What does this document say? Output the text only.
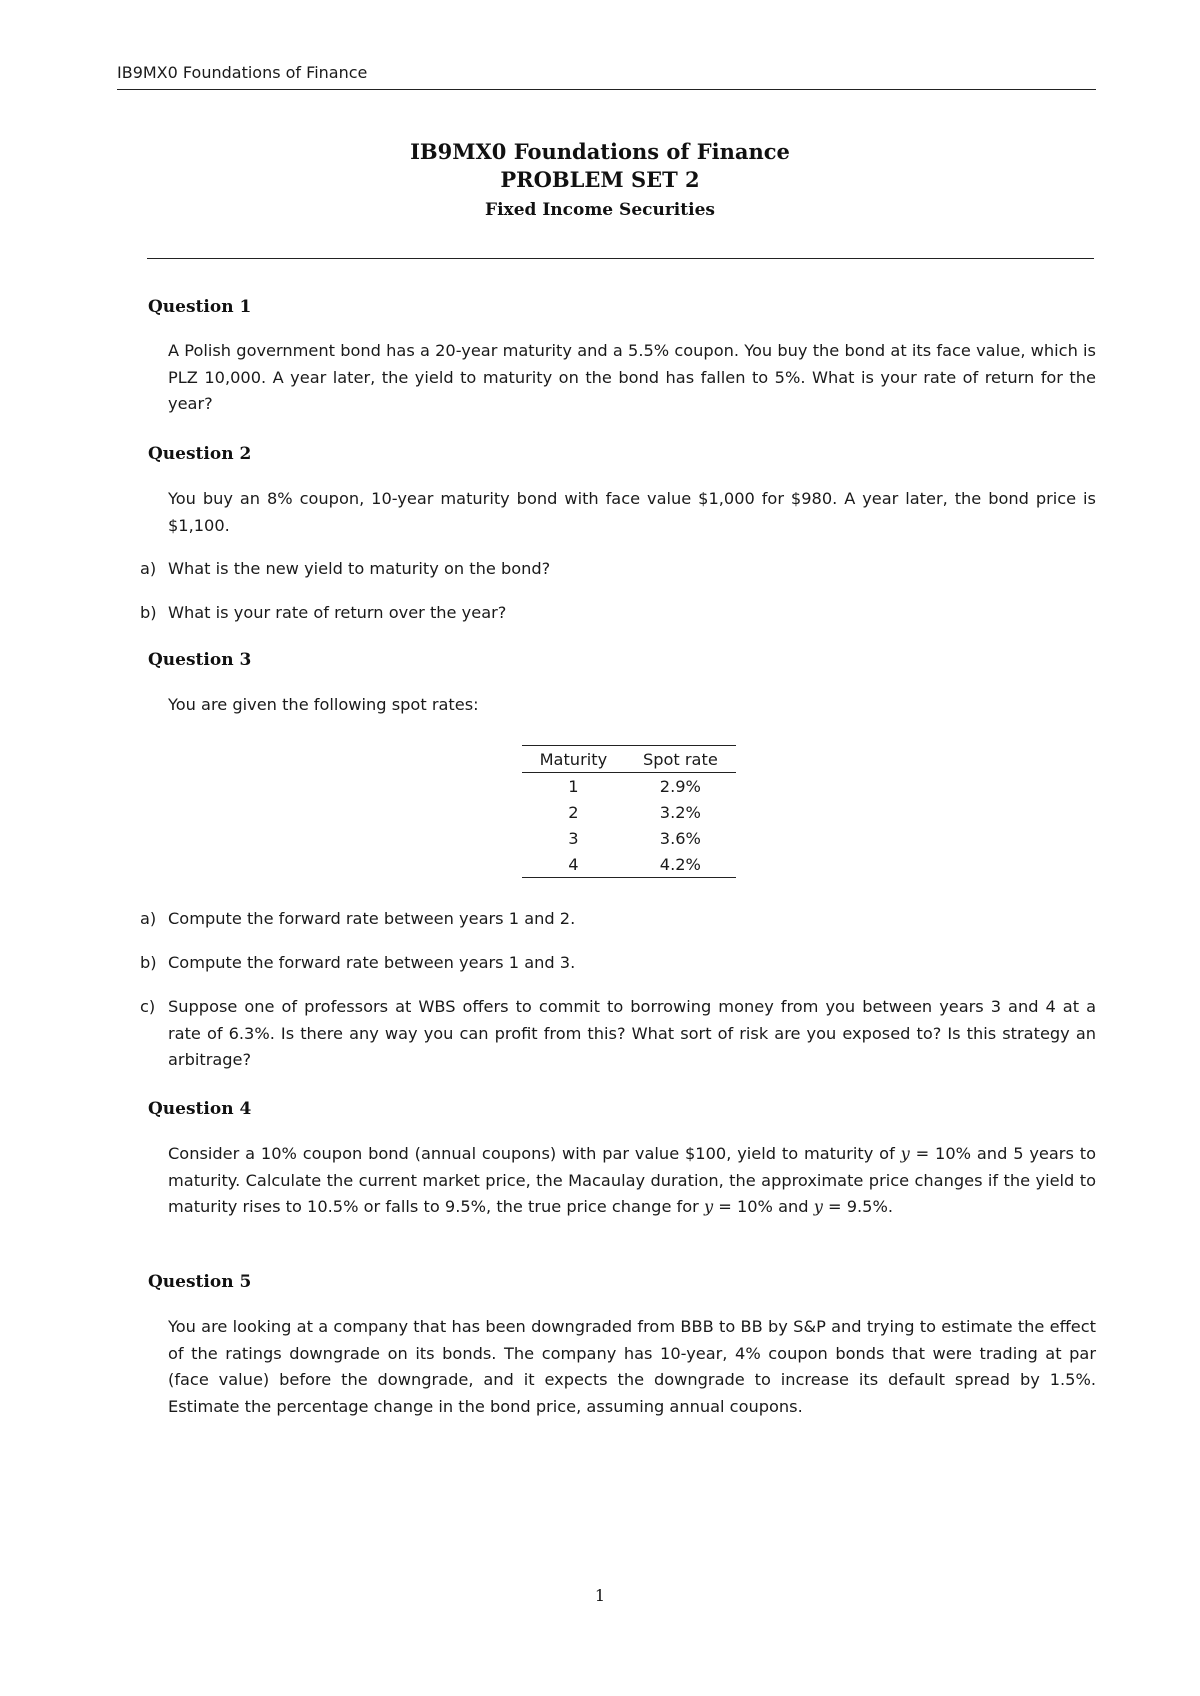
IB9MX0 Foundations of Finance
IB9MX0 Foundations of Finance
PROBLEM SET 2
Fixed Income Securities
Question 1
A Polish government bond has a 20-year maturity and a 5.5% coupon. You buy the bond at its face value, which is PLZ 10,000. A year later, the yield to maturity on the bond has fallen to 5%. What is your rate of return for the year?
Question 2
You buy an 8% coupon, 10-year maturity bond with face value $1,000 for $980. A year later, the bond price is $1,100.
a) What is the new yield to maturity on the bond?
b) What is your rate of return over the year?
Question 3
You are given the following spot rates:
Maturity	Spot rate
1	2.9%
2	3.2%
3	3.6%
4	4.2%
a) Compute the forward rate between years 1 and 2.
b) Compute the forward rate between years 1 and 3.
c) Suppose one of professors at WBS offers to commit to borrowing money from you between years 3 and 4 at a rate of 6.3%. Is there any way you can profit from this? What sort of risk are you exposed to? Is this strategy an arbitrage?
Question 4
Consider a 10% coupon bond (annual coupons) with par value $100, yield to maturity of y = 10% and 5 years to maturity. Calculate the current market price, the Macaulay duration, the approximate price changes if the yield to maturity rises to 10.5% or falls to 9.5%, the true price change for y = 10% and y = 9.5%.
Question 5
You are looking at a company that has been downgraded from BBB to BB by S&P and trying to estimate the effect of the ratings downgrade on its bonds. The company has 10-year, 4% coupon bonds that were trading at par (face value) before the downgrade, and it expects the downgrade to increase its default spread by 1.5%. Estimate the percentage change in the bond price, assuming annual coupons.
1
